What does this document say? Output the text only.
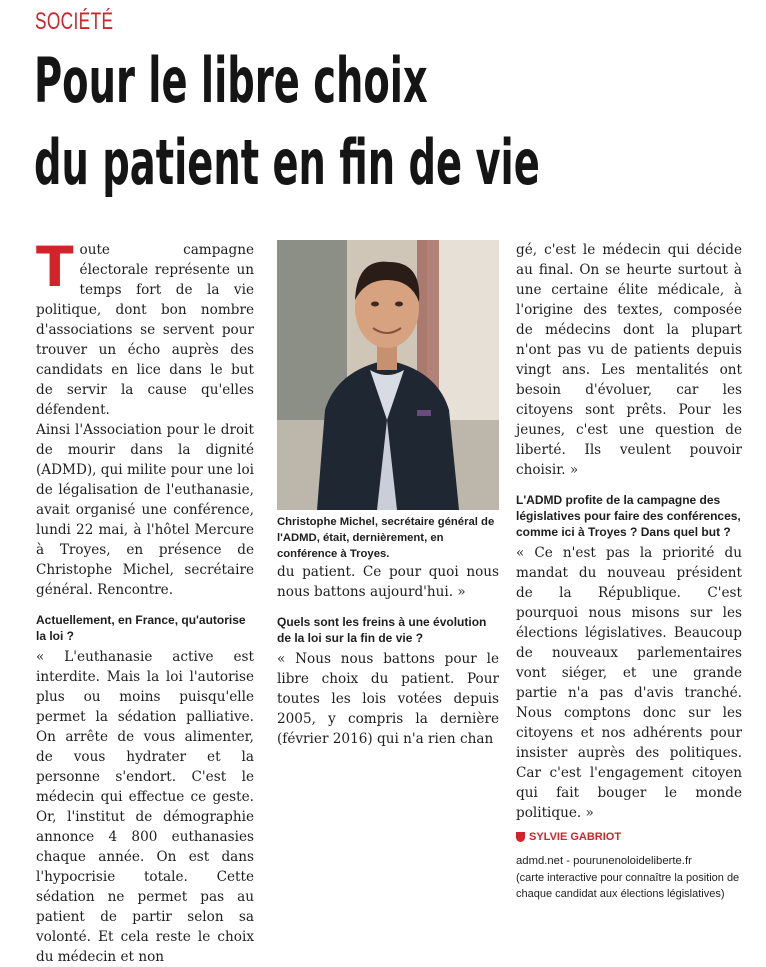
SOCIÉTÉ
Pour le libre choix
du patient en fin de vie

Toute campagne électorale représente un temps fort de la vie politique, dont bon nombre d'associations se servent pour trouver un écho auprès des candidats en lice dans le but de servir la cause qu'elles défendent.

Ainsi l'Association pour le droit de mourir dans la dignité (ADMD), qui milite pour une loi de légalisation de l'euthanasie, avait organisé une conférence, lundi 22 mai, à l'hôtel Mercure à Troyes, en présence de Christophe Michel, secrétaire général. Rencontre.

Actuellement, en France, qu'autorise la loi ?

« L'euthanasie active est interdite. Mais la loi l'autorise plus ou moins puisqu'elle permet la sédation palliative. On arrête de vous alimenter, de vous hydrater et la personne s'endort. C'est le médecin qui effectue ce geste. Or, l'institut de démographie annonce 4 800 euthanasies chaque année. On est dans l'hypocrisie totale. Cette sédation ne permet pas au patient de partir selon sa volonté. Et cela reste le choix du médecin et non

Christophe Michel, secrétaire général de l'ADMD, était, dernièrement, en conférence à Troyes.

du patient. Ce pour quoi nous nous battons aujourd'hui. »

Quels sont les freins à une évolution de la loi sur la fin de vie ?

« Nous nous battons pour le libre choix du patient. Pour toutes les lois votées depuis 2005, y compris la dernière (février 2016) qui n'a rien chan

gé, c'est le médecin qui décide au final. On se heurte surtout à une certaine élite médicale, à l'origine des textes, composée de médecins dont la plupart n'ont pas vu de patients depuis vingt ans. Les mentalités ont besoin d'évoluer, car les citoyens sont prêts. Pour les jeunes, c'est une question de liberté. Ils veulent pouvoir choisir. »

L'ADMD profite de la campagne des législatives pour faire des conférences, comme ici à Troyes ? Dans quel but ?

« Ce n'est pas la priorité du mandat du nouveau président de la République. C'est pourquoi nous misons sur les élections législatives. Beaucoup de nouveaux parlementaires vont siéger, et une grande partie n'a pas d'avis tranché. Nous comptons donc sur les citoyens et nos adhérents pour insister auprès des politiques. Car c'est l'engagement citoyen qui fait bouger le monde politique. »

SYLVIE GABRIOT
admd.net - pourunenoloideliberte.fr
(carte interactive pour connaître la position de chaque candidat aux élections législatives)
